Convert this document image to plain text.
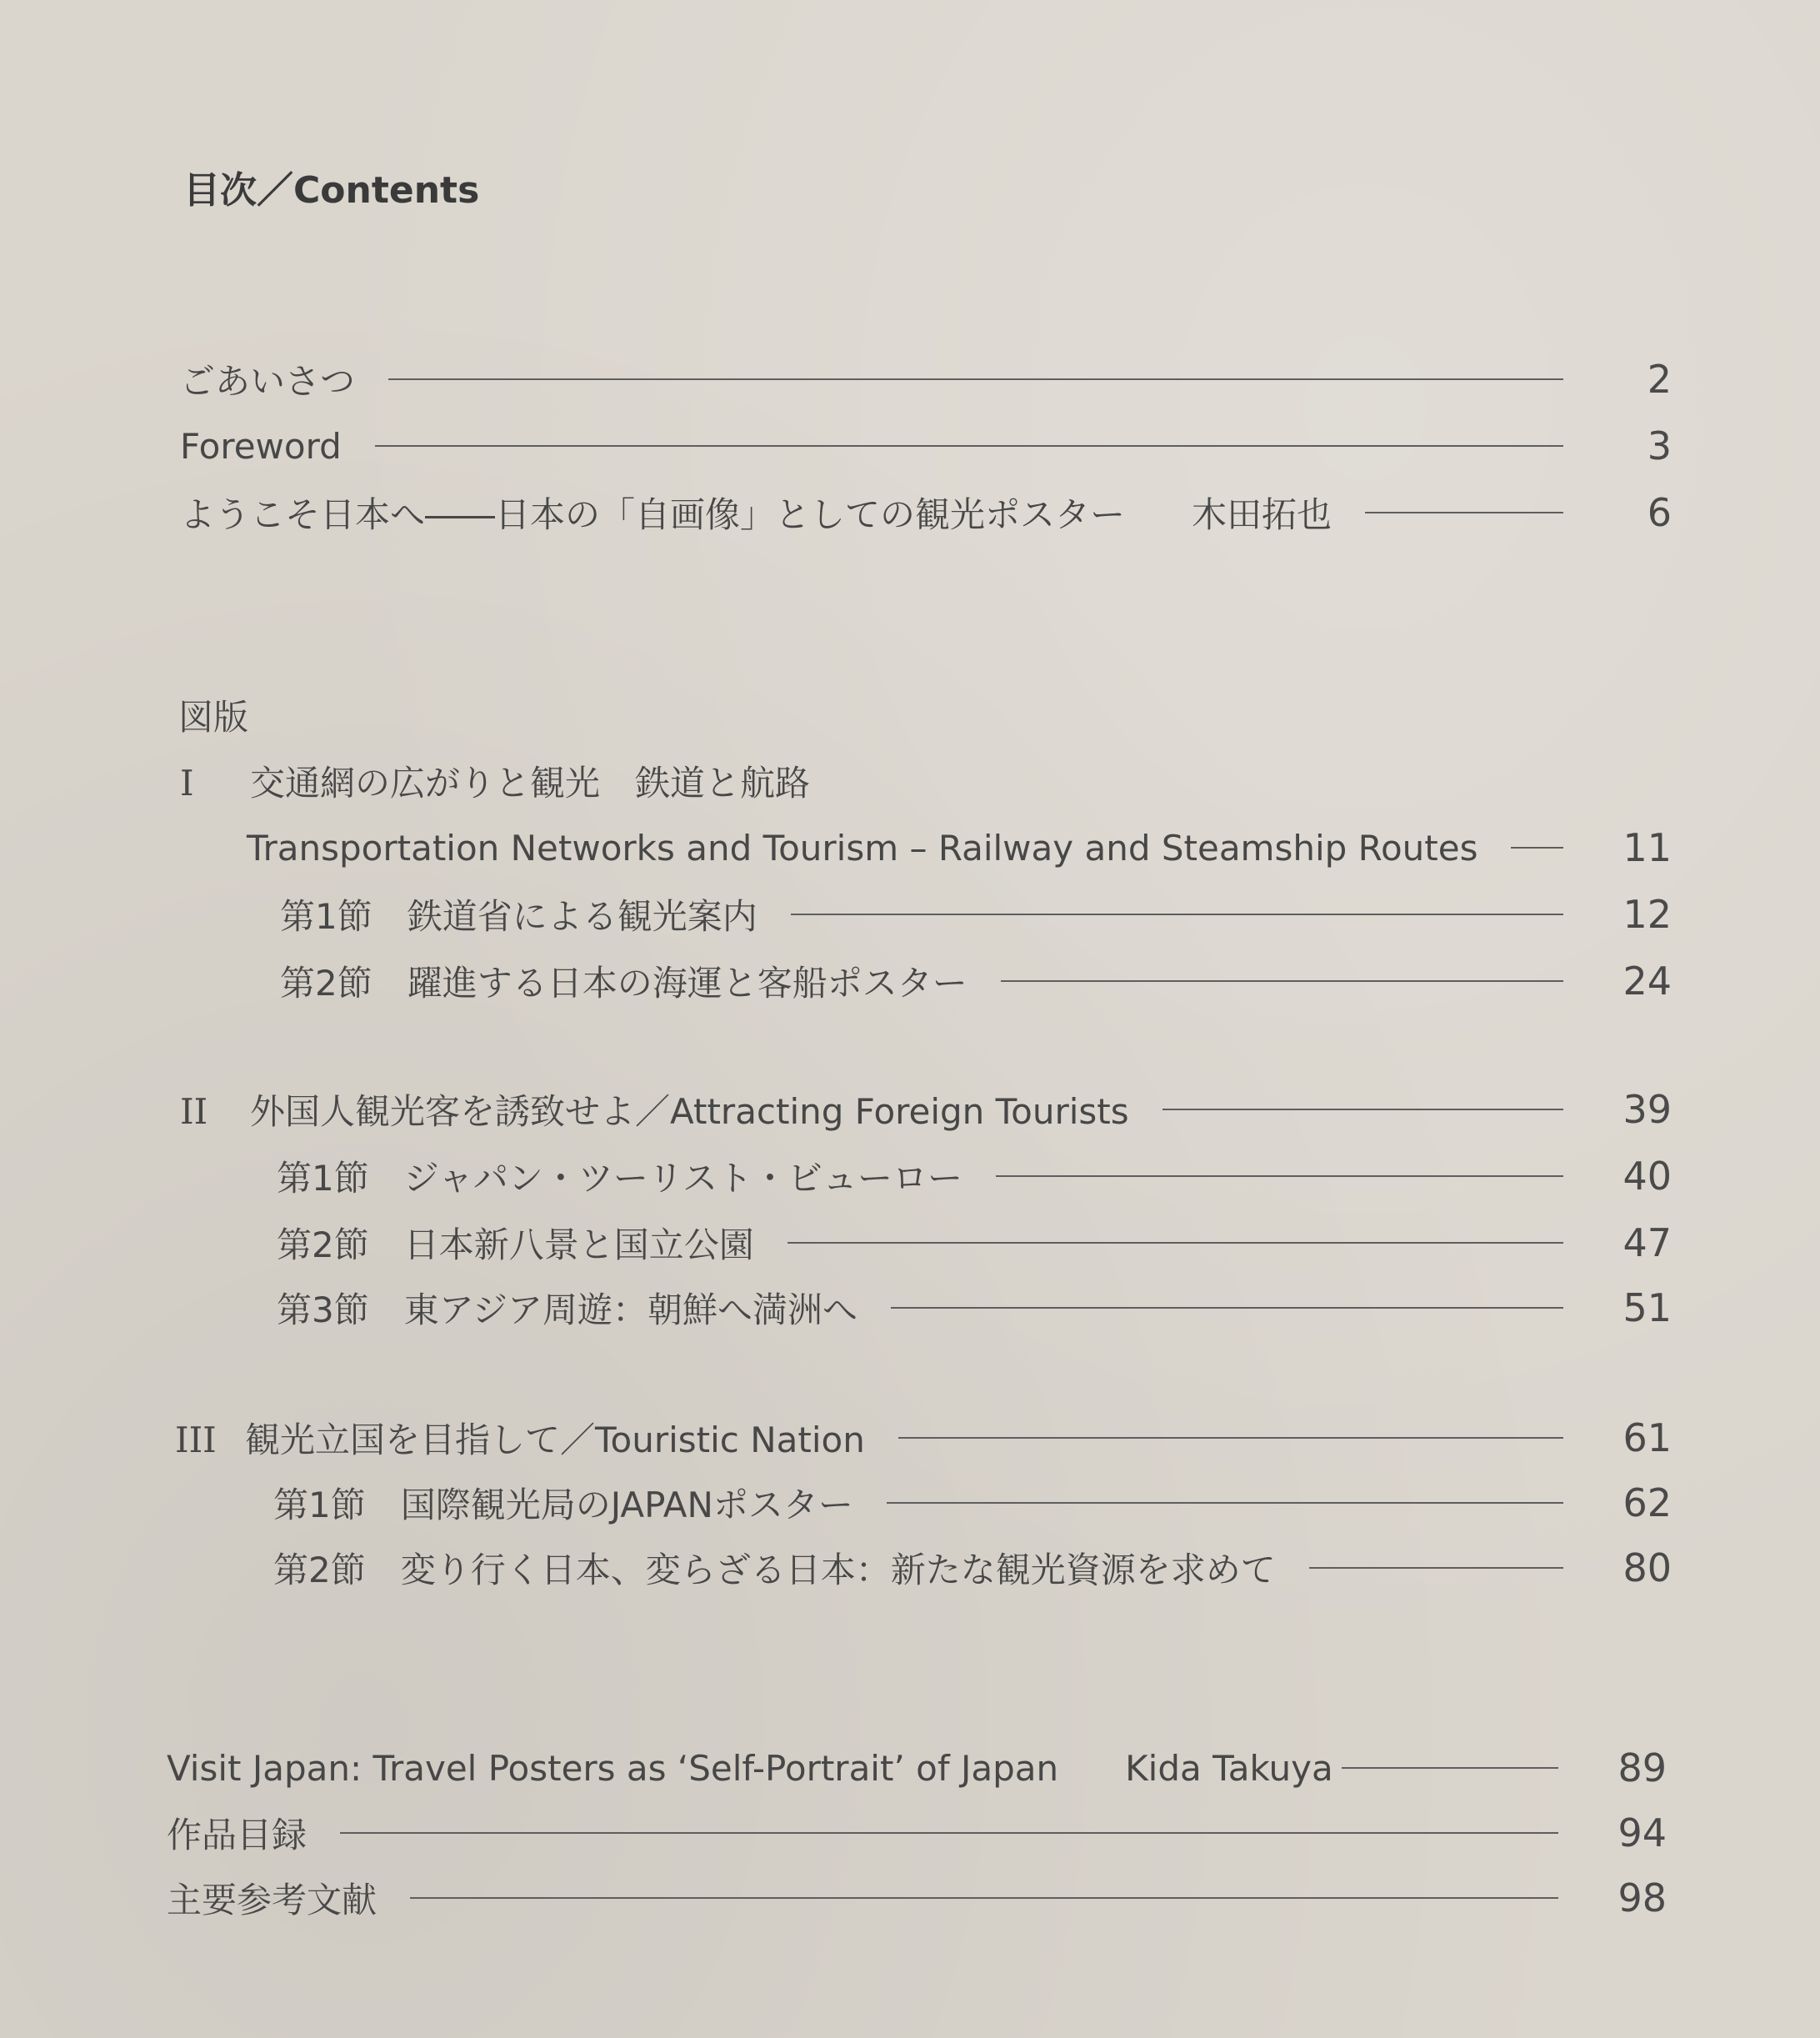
目次／Contents
ごあいさつ	2
Foreword	3
ようこそ日本へ――日本の「自画像」としての観光ポスター 木田拓也	6
図版
I 交通網の広がりと観光　鉄道と航路
Transportation Networks and Tourism – Railway and Steamship Routes	11
第1節 鉄道省による観光案内	12
第2節 躍進する日本の海運と客船ポスター	24
II 外国人観光客を誘致せよ／Attracting Foreign Tourists	39
第1節 ジャパン・ツーリスト・ビューロー	40
第2節 日本新八景と国立公園	47
第3節 東アジア周遊：朝鮮へ満洲へ	51
III 観光立国を目指して／Touristic Nation	61
第1節 国際観光局のJAPANポスター	62
第2節 変り行く日本、変らざる日本：新たな観光資源を求めて	80
Visit Japan: Travel Posters as ‘Self-Portrait’ of Japan Kida Takuya	89
作品目録	94
主要参考文献	98
